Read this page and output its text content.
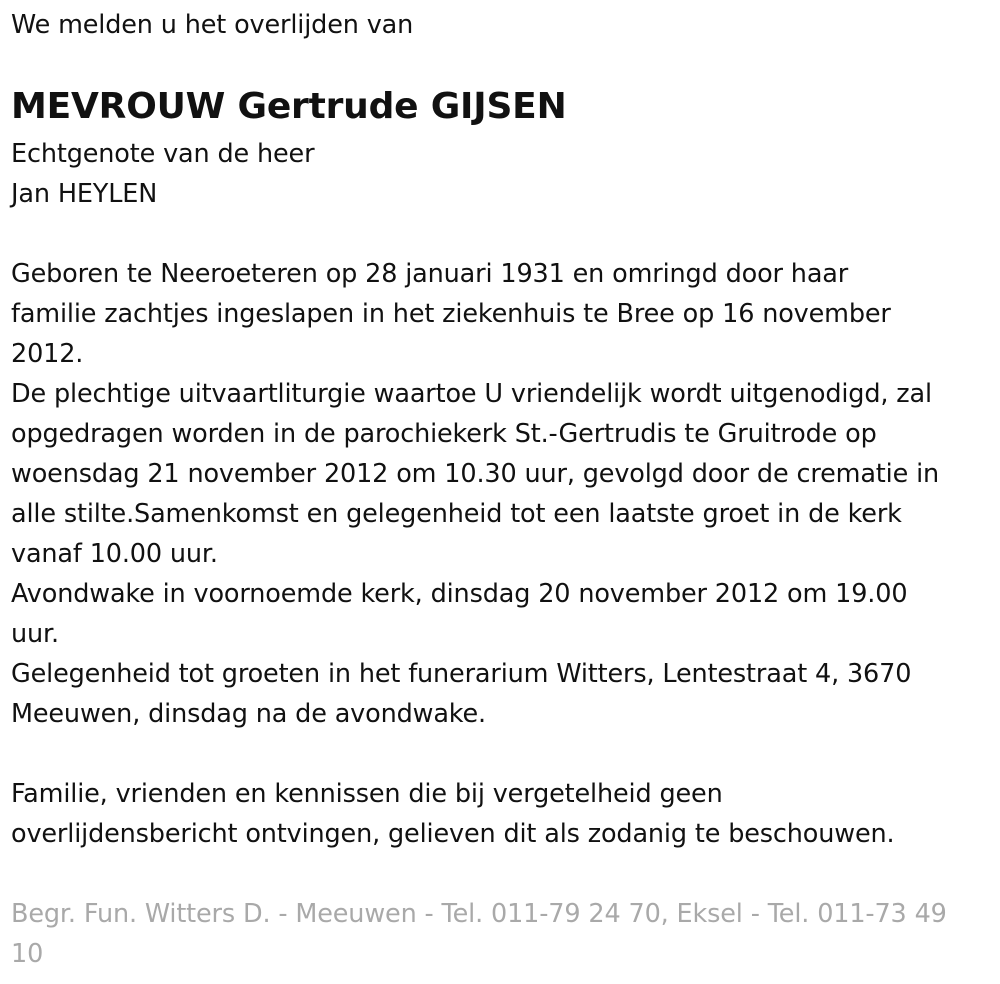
We melden u het overlijden van
MEVROUW Gertrude GIJSEN
Echtgenote van de heer
Jan HEYLEN
Geboren te Neeroeteren op 28 januari 1931 en omringd door haar
familie zachtjes ingeslapen in het ziekenhuis te Bree op 16 november
2012.
De plechtige uitvaartliturgie waartoe U vriendelijk wordt uitgenodigd, zal
opgedragen worden in de parochiekerk St.-Gertrudis te Gruitrode op
woensdag 21 november 2012 om 10.30 uur, gevolgd door de crematie in
alle stilte.Samenkomst en gelegenheid tot een laatste groet in de kerk
vanaf 10.00 uur.
Avondwake in voornoemde kerk, dinsdag 20 november 2012 om 19.00
uur.
Gelegenheid tot groeten in het funerarium Witters, Lentestraat 4, 3670
Meeuwen, dinsdag na de avondwake.
Familie, vrienden en kennissen die bij vergetelheid geen
overlijdensbericht ontvingen, gelieven dit als zodanig te beschouwen.
Begr. Fun. Witters D. - Meeuwen - Tel. 011-79 24 70, Eksel - Tel. 011-73 49
10
